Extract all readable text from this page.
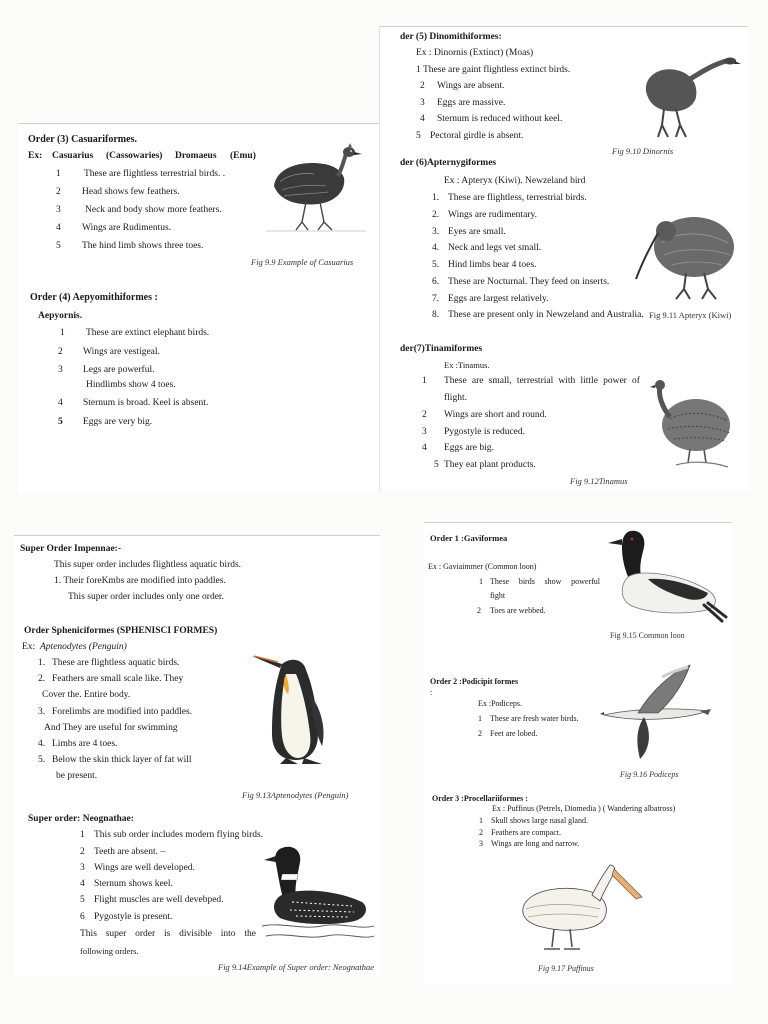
Order (3) Casuariformes.
Ex: Casuarius (Cassowaries) Dromaeus (Emu)
1 These are flightless terrestrial birds. .
2 Head shows few feathers.
3	Neck and body show more feathers.
4 Wings are Rudimentus.
5 The hind limb shows three toes.
Fig 9.9 Example of Casuarius
Order (4) Aepyomithiformes :
Aepyornis.
1 These are extinct elephant birds.
2 Wings are vestigeal.
3 Legs are powerful.
Hindlimbs show 4 toes.
4 Sternum is broad. Keel is absent.
5 Eggs are very big.
der (5) Dinomithiformes:
Ex : Dinornis (Extinct) (Moas)
1 These are gaint flightless extinct birds.
2 Wings are absent.
3 Eggs are massive.
4 Sternum is reduced without keel.
5 Pectoral girdle is absent.
Fig 9.10 Dinornis
der (6)Apternygiformes
Ex : Apteryx (Kiwi). Newzeland bird
1. These are flightless, terrestrial birds.
2. Wings are rudimentary.
3. Eyes are small.
4. Neck and legs vet small.
5. Hind limbs bear 4 toes.
6. These are Nocturnal. They feed on inserts.
7. Eggs are largest relatively.
8. These are present only in Newzeland and Australia. Fig 9.11 Apteryx (Kiwi)
der(7)Tinamiformes
Ex :Tinamus.
1 These are small, terrestrial with little power of
flight.
2 Wings are short and round.
3 Pygostyle is reduced.
4 Eggs are big.
5 They eat plant products.
Fig 9.12Tinamus
Super Order Impennae:-
This super order includes flightless aquatic birds.
1. Their foreKmbs are modified into paddles.
This super order includes only one order.
Order Spheniciformes (SPHENISCI FORMES)
Ex: Aptenodytes (Penguin)
1. These are flightless aquatic birds.
2. Feathers are small scale like. They
Cover the. Entire body.
3. Forelimbs are modified into paddles.
And They are useful for swimming
4. Limbs are 4 toes.
5. Below the skin thick layer of fat will
be present.
Fig 9.13Aptenodytes (Penguin)
Super order: Neognathae:
1 This sub order includes modern flying birds.
2 Teeth are absent. –
3 Wings are well developed.
4 Sternum shows keel.
5 Flight muscles are well devebped.
6 Pygostyle is present.
This super order is divisible into the
following orders.
Fig 9.14Example of Super order: Neognathae
Order 1 :Gaviformea
Ex : Gaviaimmer (Common loon)
1 These birds show powerful
fight
2 Toes are webbed.
Fig 9.15 Common loon
Order 2 :Podicipit formes
:
Ex :Podiceps.
1 These are fresh water birds.
2 Feet are lobed.
Fig 9.16 Podiceps
Order 3 :Procellariiformes :
Ex : Puffinus (Petrels, Diomedia ) ( Wandering albatross)
1 Skull shows large nasal gland.
2 Feathers are compact.
3 Wings are long and narrow.
Fig 9.17 Puffinus
